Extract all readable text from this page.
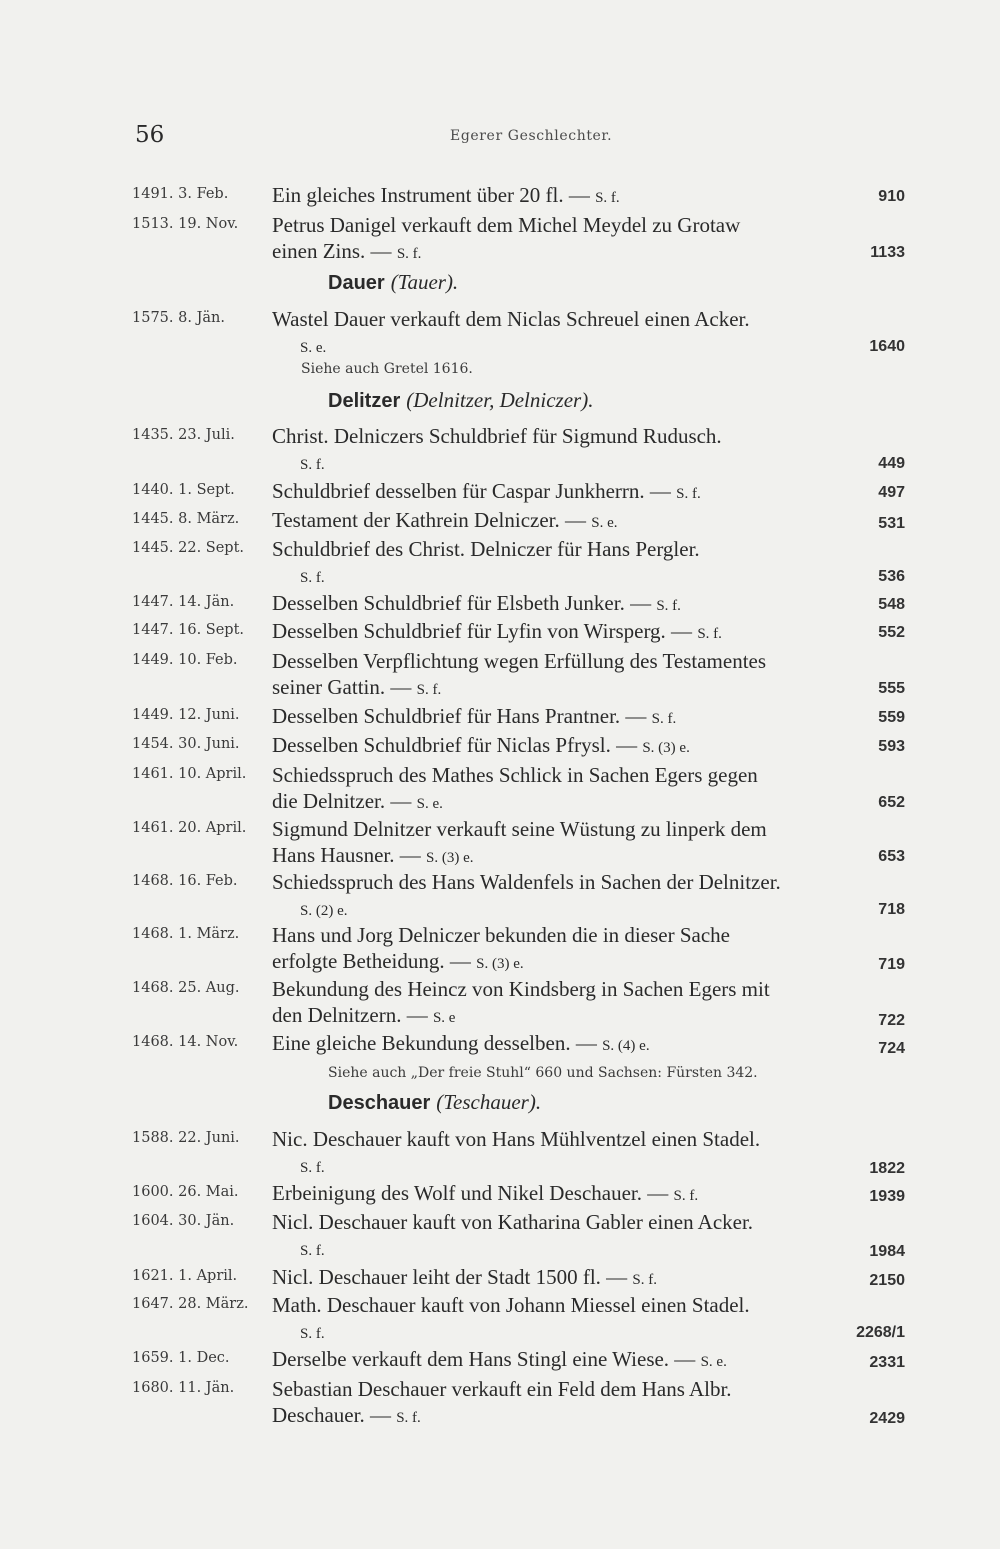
56	Egerer Geschlechter.
1491. 3. Feb. Ein gleiches Instrument über 20 fl. — S. f.	910
1513. 19. Nov. Petrus Danigel verkauft dem Michel Meydel zu Grotaw
einen Zins. — S. f.	1133
Dauer (Tauer).
1575. 8. Jän. Wastel Dauer verkauft dem Niclas Schreuel einen Acker.
S. e.	1640
Siehe auch Gretel 1616.
Delitzer (Delnitzer, Delniczer).
1435. 23. Juli. Christ. Delniczers Schuldbrief für Sigmund Rudusch.
S. f.	449
1440. 1. Sept. Schuldbrief desselben für Caspar Junkherrn. — S. f.	497
1445. 8. März. Testament der Kathrein Delniczer. — S. e.	531
1445. 22. Sept. Schuldbrief des Christ. Delniczer für Hans Pergler.
S. f.	536
1447. 14. Jän. Desselben Schuldbrief für Elsbeth Junker. — S. f.	548
1447. 16. Sept. Desselben Schuldbrief für Lyfin von Wirsperg. — S. f.	552
1449. 10. Feb. Desselben Verpflichtung wegen Erfüllung des Testamentes
seiner Gattin. — S. f.	555
1449. 12. Juni. Desselben Schuldbrief für Hans Prantner. — S. f.	559
1454. 30. Juni. Desselben Schuldbrief für Niclas Pfrysl. — S. (3) e.	593
1461. 10. April. Schiedsspruch des Mathes Schlick in Sachen Egers gegen
die Delnitzer. — S. e.	652
1461. 20. April. Sigmund Delnitzer verkauft seine Wüstung zu linperk dem
Hans Hausner. — S. (3) e.	653
1468. 16. Feb. Schiedsspruch des Hans Waldenfels in Sachen der Delnitzer.
S. (2) e.	718
1468. 1. März. Hans und Jorg Delniczer bekunden die in dieser Sache
erfolgte Betheidung. — S. (3) e.	719
1468. 25. Aug. Bekundung des Heincz von Kindsberg in Sachen Egers mit
den Delnitzern. — S. e	722
1468. 14. Nov. Eine gleiche Bekundung desselben. — S. (4) e.	724
Siehe auch „Der freie Stuhl“ 660 und Sachsen: Fürsten 342.
Deschauer (Teschauer).
1588. 22. Juni. Nic. Deschauer kauft von Hans Mühlventzel einen Stadel.
S. f.	1822
1600. 26. Mai. Erbeinigung des Wolf und Nikel Deschauer. — S. f.	1939
1604. 30. Jän. Nicl. Deschauer kauft von Katharina Gabler einen Acker.
S. f.	1984
1621. 1. April. Nicl. Deschauer leiht der Stadt 1500 fl. — S. f.	2150
1647. 28. März. Math. Deschauer kauft von Johann Miessel einen Stadel.
S. f.	2268/1
1659. 1. Dec. Derselbe verkauft dem Hans Stingl eine Wiese. — S. e.	2331
1680. 11. Jän. Sebastian Deschauer verkauft ein Feld dem Hans Albr.
Deschauer. — S. f.	2429
